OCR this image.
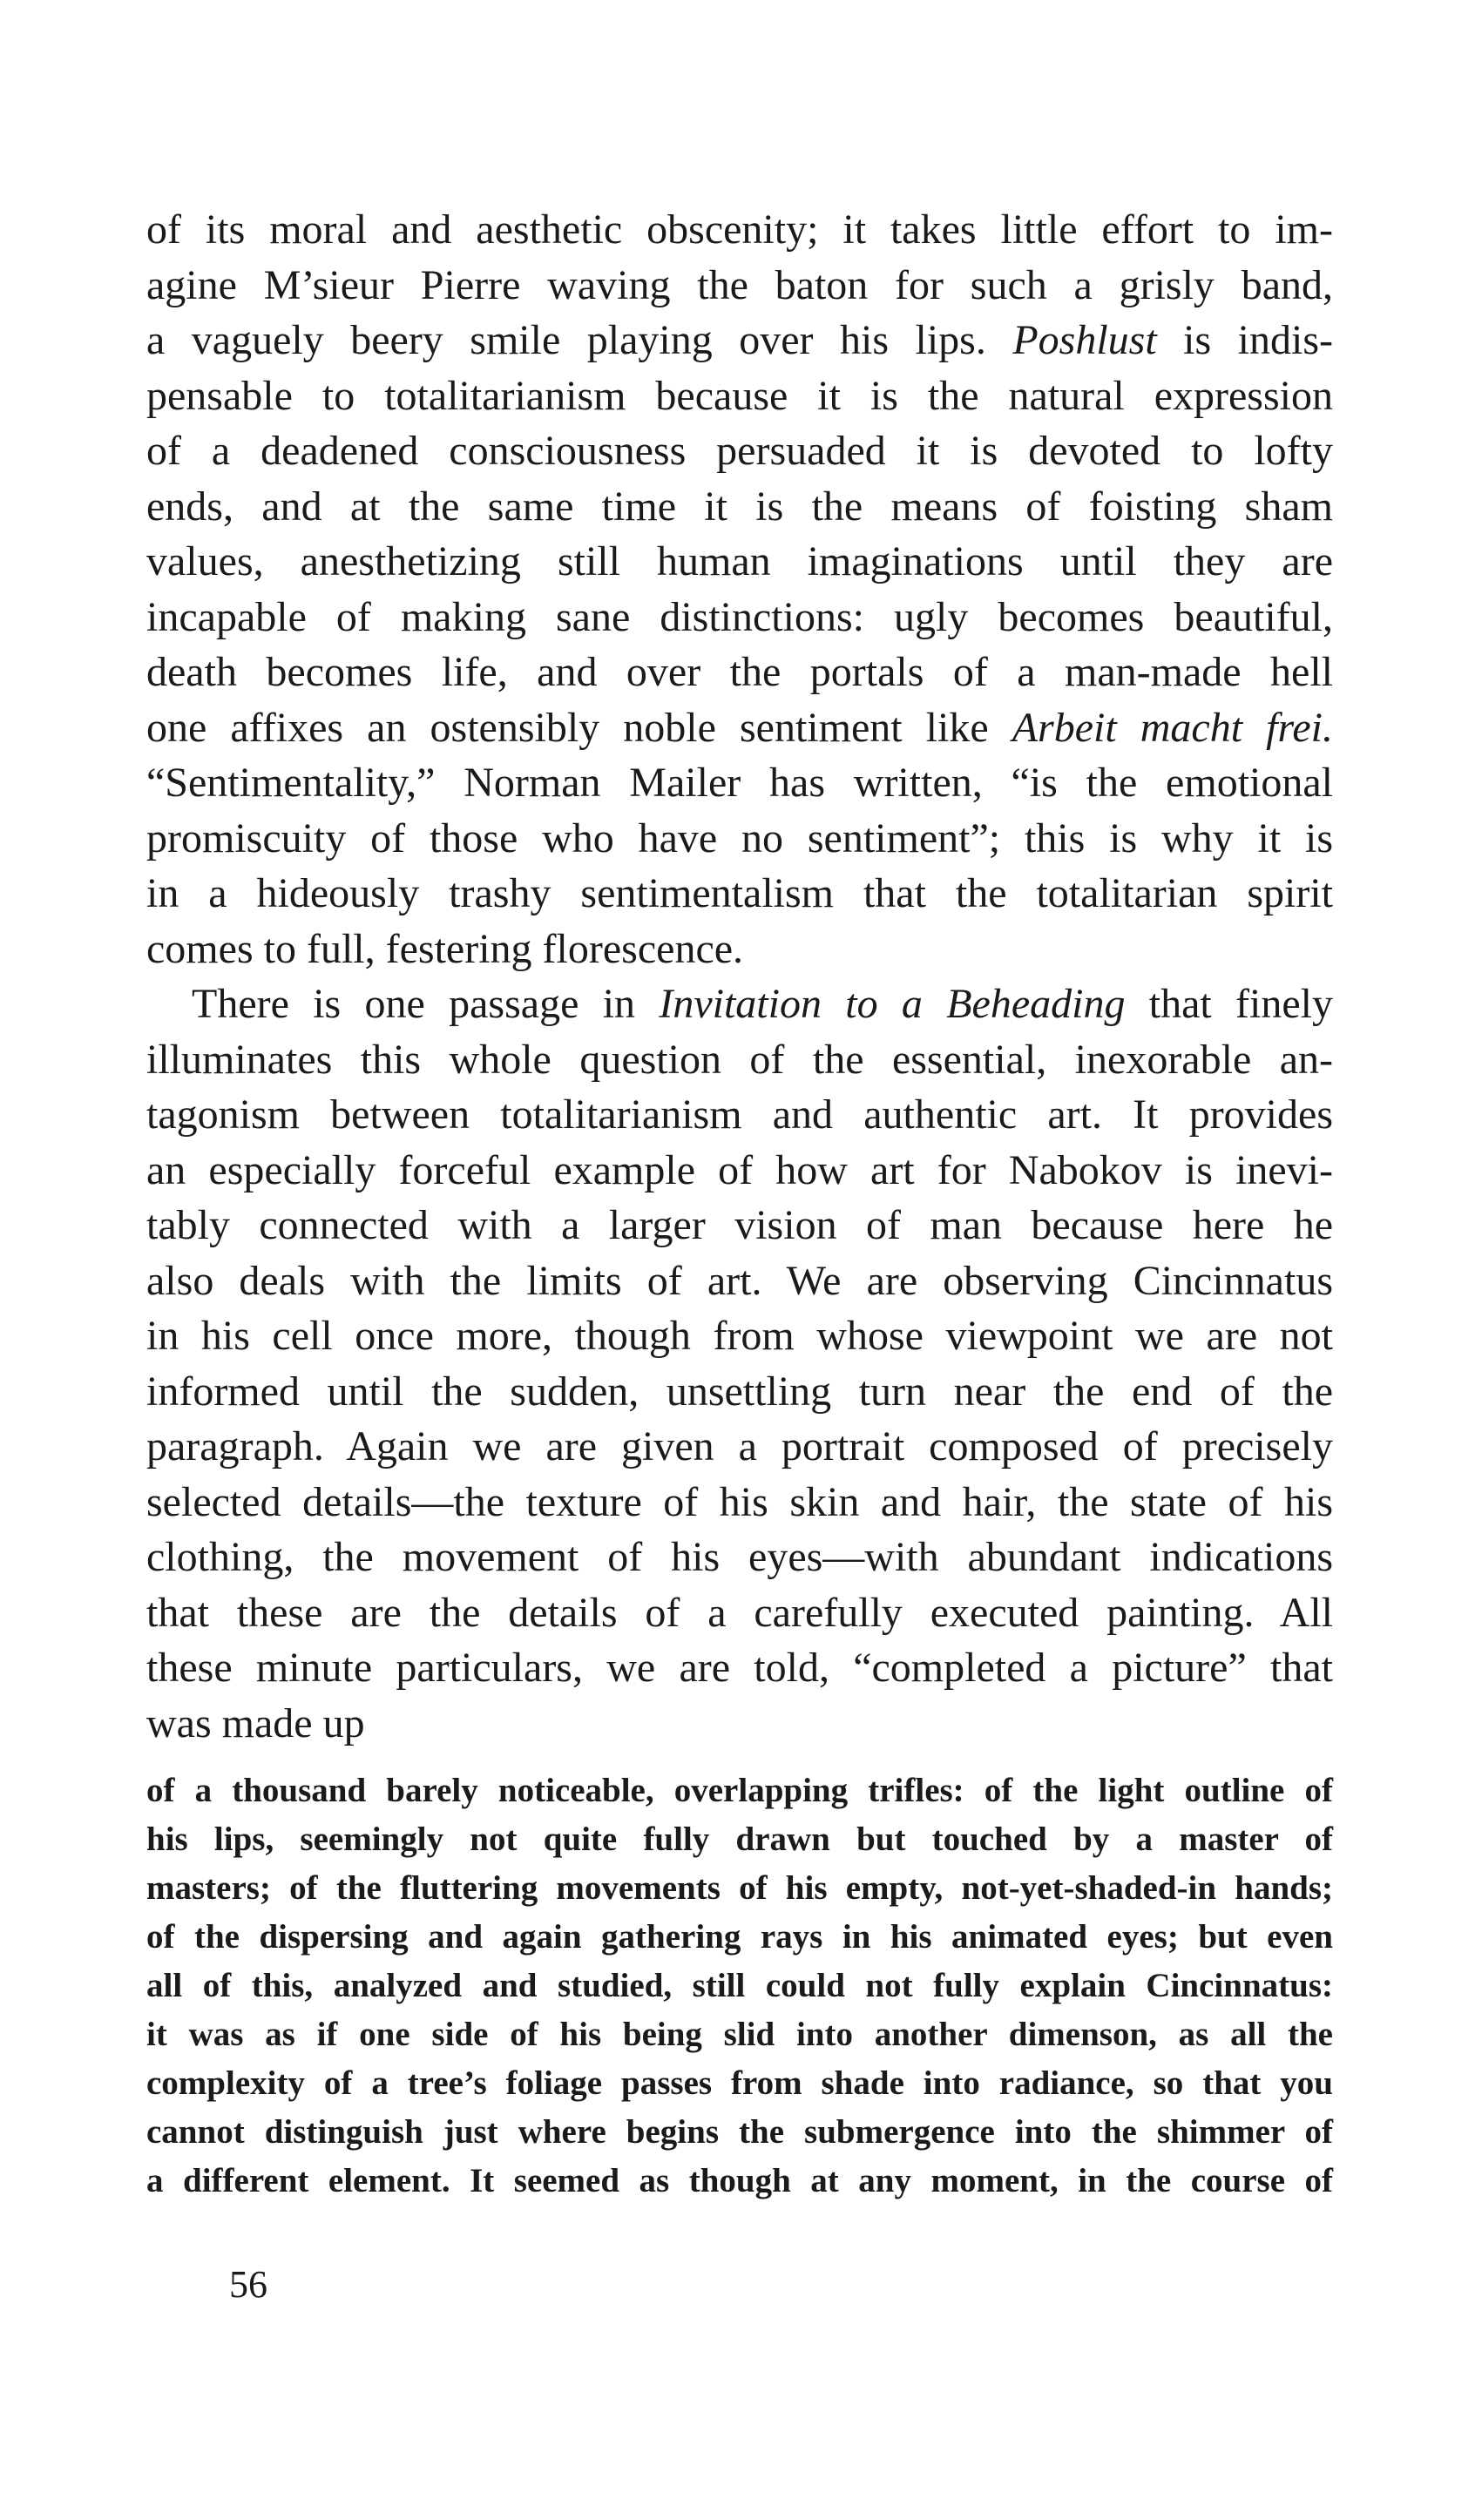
of its moral and aesthetic obscenity; it takes little effort to im-
agine M’sieur Pierre waving the baton for such a grisly band,
a vaguely beery smile playing over his lips. Poshlust is indis-
pensable to totalitarianism because it is the natural expression
of a deadened consciousness persuaded it is devoted to lofty
ends, and at the same time it is the means of foisting sham
values, anesthetizing still human imaginations until they are
incapable of making sane distinctions: ugly becomes beautiful,
death becomes life, and over the portals of a man-made hell
one affixes an ostensibly noble sentiment like Arbeit macht frei.
“Sentimentality,” Norman Mailer has written, “is the emotional
promiscuity of those who have no sentiment”; this is why it is
in a hideously trashy sentimentalism that the totalitarian spirit
comes to full, festering florescence.
There is one passage in Invitation to a Beheading that finely
illuminates this whole question of the essential, inexorable an-
tagonism between totalitarianism and authentic art. It provides
an especially forceful example of how art for Nabokov is inevi-
tably connected with a larger vision of man because here he
also deals with the limits of art. We are observing Cincinnatus
in his cell once more, though from whose viewpoint we are not
informed until the sudden, unsettling turn near the end of the
paragraph. Again we are given a portrait composed of precisely
selected details—the texture of his skin and hair, the state of his
clothing, the movement of his eyes—with abundant indications
that these are the details of a carefully executed painting. All
these minute particulars, we are told, “completed a picture” that
was made up
of a thousand barely noticeable, overlapping trifles: of the light outline of
his lips, seemingly not quite fully drawn but touched by a master of
masters; of the fluttering movements of his empty, not-yet-shaded-in hands;
of the dispersing and again gathering rays in his animated eyes; but even
all of this, analyzed and studied, still could not fully explain Cincinnatus:
it was as if one side of his being slid into another dimenson, as all the
complexity of a tree’s foliage passes from shade into radiance, so that you
cannot distinguish just where begins the submergence into the shimmer of
a different element. It seemed as though at any moment, in the course of
56
